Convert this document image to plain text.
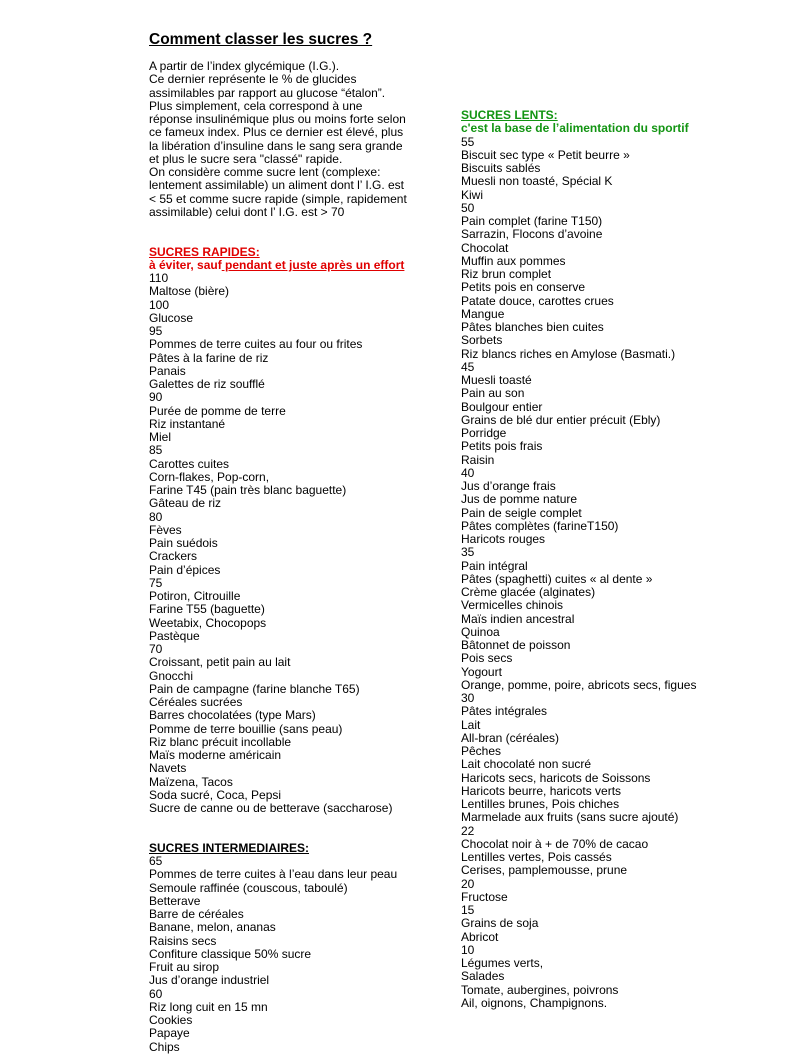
Comment classer les sucres ?
A partir de l’index glycémique (I.G.).
Ce dernier représente le % de glucides
assimilables par rapport au glucose “étalon”.
Plus simplement, cela correspond à une
réponse insulinémique plus ou moins forte selon
ce fameux index. Plus ce dernier est élevé, plus
la libération d’insuline dans le sang sera grande
et plus le sucre sera "classé" rapide.
On considère comme sucre lent (complexe:
lentement assimilable) un aliment dont l’ I.G. est
< 55 et comme sucre rapide (simple, rapidement
assimilable) celui dont l’ I.G. est > 70
SUCRES RAPIDES:
à éviter, sauf pendant et juste après un effort
110
Maltose (bière)
100
Glucose
95
Pommes de terre cuites au four ou frites
Pâtes à la farine de riz
Panais
Galettes de riz soufflé
90
Purée de pomme de terre
Riz instantané
Miel
85
Carottes cuites
Corn-flakes, Pop-corn,
Farine T45 (pain très blanc baguette)
Gâteau de riz
80
Fèves
Pain suédois
Crackers
Pain d’épices
75
Potiron, Citrouille
Farine T55 (baguette)
Weetabix, Chocopops
Pastèque
70
Croissant, petit pain au lait
Gnocchi
Pain de campagne (farine blanche T65)
Céréales sucrées
Barres chocolatées (type Mars)
Pomme de terre bouillie (sans peau)
Riz blanc précuit incollable
Maïs moderne américain
Navets
Maïzena, Tacos
Soda sucré, Coca, Pepsi
Sucre de canne ou de betterave (saccharose)
SUCRES INTERMEDIAIRES:
65
Pommes de terre cuites à l’eau dans leur peau
Semoule raffinée (couscous, taboulé)
Betterave
Barre de céréales
Banane, melon, ananas
Raisins secs
Confiture classique 50% sucre
Fruit au sirop
Jus d’orange industriel
60
Riz long cuit en 15 mn
Cookies
Papaye
Chips
SUCRES LENTS:
c'est la base de l’alimentation du sportif
55
Biscuit sec type « Petit beurre »
Biscuits sablés
Muesli non toasté, Spécial K
Kiwi
50
Pain complet (farine T150)
Sarrazin, Flocons d’avoine
Chocolat
Muffin aux pommes
Riz brun complet
Petits pois en conserve
Patate douce, carottes crues
Mangue
Pâtes blanches bien cuites
Sorbets
Riz blancs riches en Amylose (Basmati.)
45
Muesli toasté
Pain au son
Boulgour entier
Grains de blé dur entier précuit (Ebly)
Porridge
Petits pois frais
Raisin
40
Jus d’orange frais
Jus de pomme nature
Pain de seigle complet
Pâtes complètes (farineT150)
Haricots rouges
35
Pain intégral
Pâtes (spaghetti) cuites « al dente »
Crème glacée (alginates)
Vermicelles chinois
Maïs indien ancestral
Quinoa
Bâtonnet de poisson
Pois secs
Yogourt
Orange, pomme, poire, abricots secs, figues
30
Pâtes intégrales
Lait
All-bran (céréales)
Pêches
Lait chocolaté non sucré
Haricots secs, haricots de Soissons
Haricots beurre, haricots verts
Lentilles brunes, Pois chiches
Marmelade aux fruits (sans sucre ajouté)
22
Chocolat noir à + de 70% de cacao
Lentilles vertes, Pois cassés
Cerises, pamplemousse, prune
20
Fructose
15
Grains de soja
Abricot
10
Légumes verts,
Salades
Tomate, aubergines, poivrons
Ail, oignons, Champignons.
